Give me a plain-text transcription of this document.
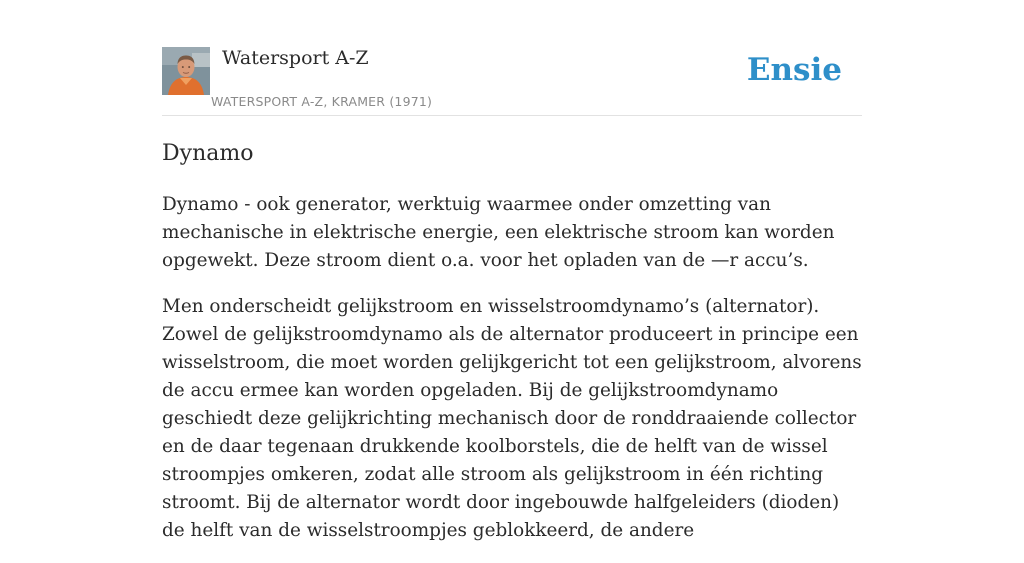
Watersport A-Z
WATERSPORT A-Z, KRAMER (1971)
Ensie
Dynamo

Dynamo - ook generator, werktuig waarmee onder omzetting van mechanische in elektrische energie, een elektrische stroom kan worden opgewekt. Deze stroom dient o.a. voor het opladen van de —r accu’s.

Men onderscheidt gelijkstroom en wisselstroomdynamo’s (alternator). Zowel de gelijkstroomdynamo als de alternator produceert in principe een wisselstroom, die moet worden gelijkgericht tot een gelijkstroom, alvorens de accu ermee kan worden opgeladen. Bij de gelijkstroomdynamo geschiedt deze gelijkrichting mechanisch door de ronddraaiende collector en de daar tegenaan drukkende koolborstels, die de helft van de wissel stroompjes omkeren, zodat alle stroom als gelijkstroom in één richting stroomt. Bij de alternator wordt door ingebouwde halfgeleiders (dioden) de helft van de wisselstroompjes geblokkeerd, de andere
